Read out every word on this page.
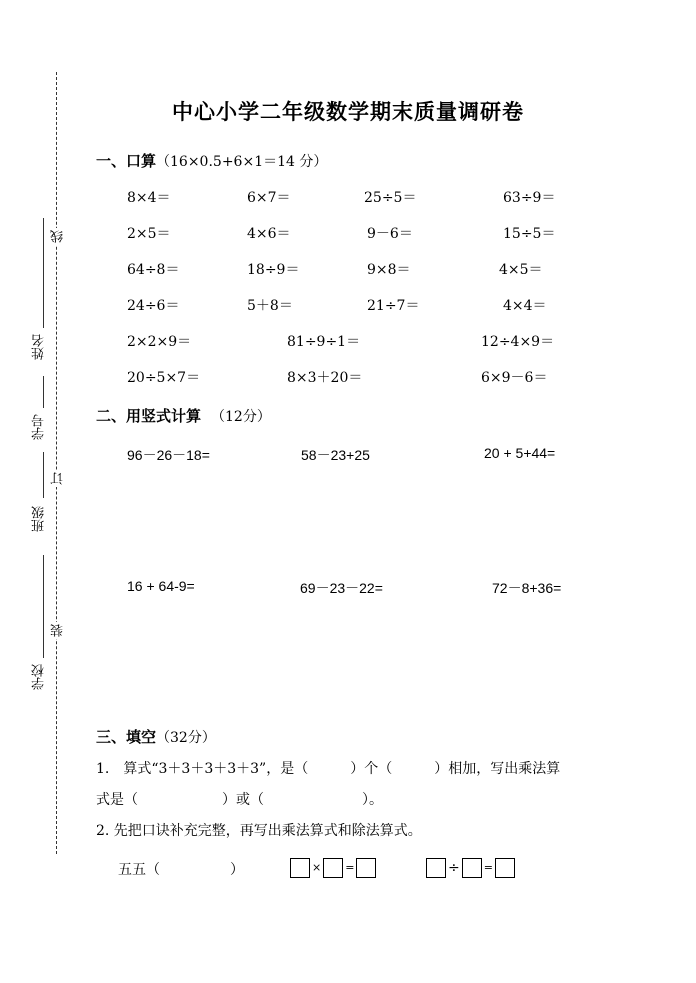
线
订
装
姓名
学号
班级
学校
中心小学二年级数学期末质量调研卷
一、口算（16×0.5+6×1＝14 分）
8×4＝	6×7＝	25÷5＝	63÷9＝
2×5＝	4×6＝	9－6＝	15÷5＝
64÷8＝	18÷9＝	9×8＝	4×5＝
24÷6＝	5＋8＝	21÷7＝	4×4＝
2×2×9＝	81÷9÷1＝	12÷4×9＝
20÷5×7＝	8×3＋20＝	6×9－6＝
二、用竖式计算 （12分）
96－26－18=	58－23+25	20 + 5+44=
16 + 64-9=	69－23－22=	72－8+36=
三、填空（32分）
1.　算式“3＋3＋3＋3＋3”，是（　　　）个（　　　）相加，写出乘法算
式是（　　　　　　）或（　　　　　　　）。
2. 先把口诀补充完整，再写出乘法算式和除法算式。
五五（　　　　　）	× =	÷ =
